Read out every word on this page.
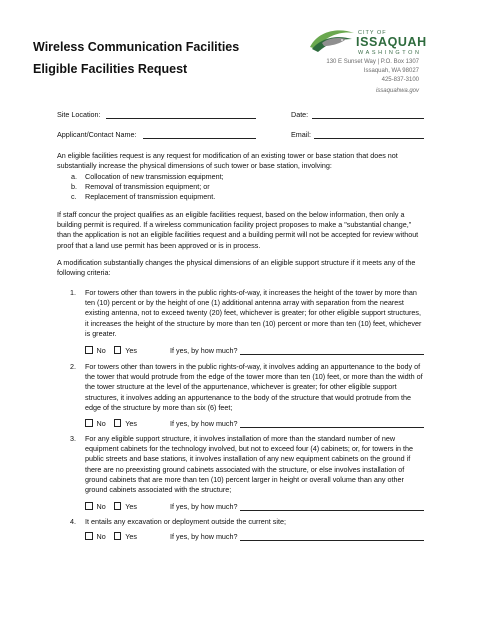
Wireless Communication Facilities
Eligible Facilities Request
CITY OF
ISSAQUAH
WASHINGTON
130 E Sunset Way | P.O. Box 1307
Issaquah, WA 98027
425-837-3100
issaquahwa.gov
Site Location:	Date:
Applicant/Contact Name:	Email:
An eligible facilities request is any request for modification of an existing tower or base station that does not substantially increase the physical dimensions of such tower or base station, involving:
a. Collocation of new transmission equipment;
b. Removal of transmission equipment; or
c. Replacement of transmission equipment.
If staff concur the project qualifies as an eligible facilities request, based on the below information, then only a building permit is required. If a wireless communication facility project proposes to make a "substantial change," than the application is not an eligible facilities request and a building permit will not be accepted for review without proof that a land use permit has been approved or is in process.
A modification substantially changes the physical dimensions of an eligible support structure if it meets any of the following criteria:
1. For towers other than towers in the public rights-of-way, it increases the height of the tower by more than ten (10) percent or by the height of one (1) additional antenna array with separation from the nearest existing antenna, not to exceed twenty (20) feet, whichever is greater; for other eligible support structures, it increases the height of the structure by more than ten (10) percent or more than ten (10) feet, whichever is greater.
No	Yes	If yes, by how much?
2. For towers other than towers in the public rights-of-way, it involves adding an appurtenance to the body of the tower that would protrude from the edge of the tower more than ten (10) feet, or more than the width of the tower structure at the level of the appurtenance, whichever is greater; for other eligible support structures, it involves adding an appurtenance to the body of the structure that would protrude from the edge of the structure by more than six (6) feet;
No	Yes	If yes, by how much?
3. For any eligible support structure, it involves installation of more than the standard number of new equipment cabinets for the technology involved, but not to exceed four (4) cabinets; or, for towers in the public streets and base stations, it involves installation of any new equipment cabinets on the ground if there are no preexisting ground cabinets associated with the structure, or else involves installation of ground cabinets that are more than ten (10) percent larger in height or overall volume than any other ground cabinets associated with the structure;
No	Yes	If yes, by how much?
4. It entails any excavation or deployment outside the current site;
No	Yes	If yes, by how much?
